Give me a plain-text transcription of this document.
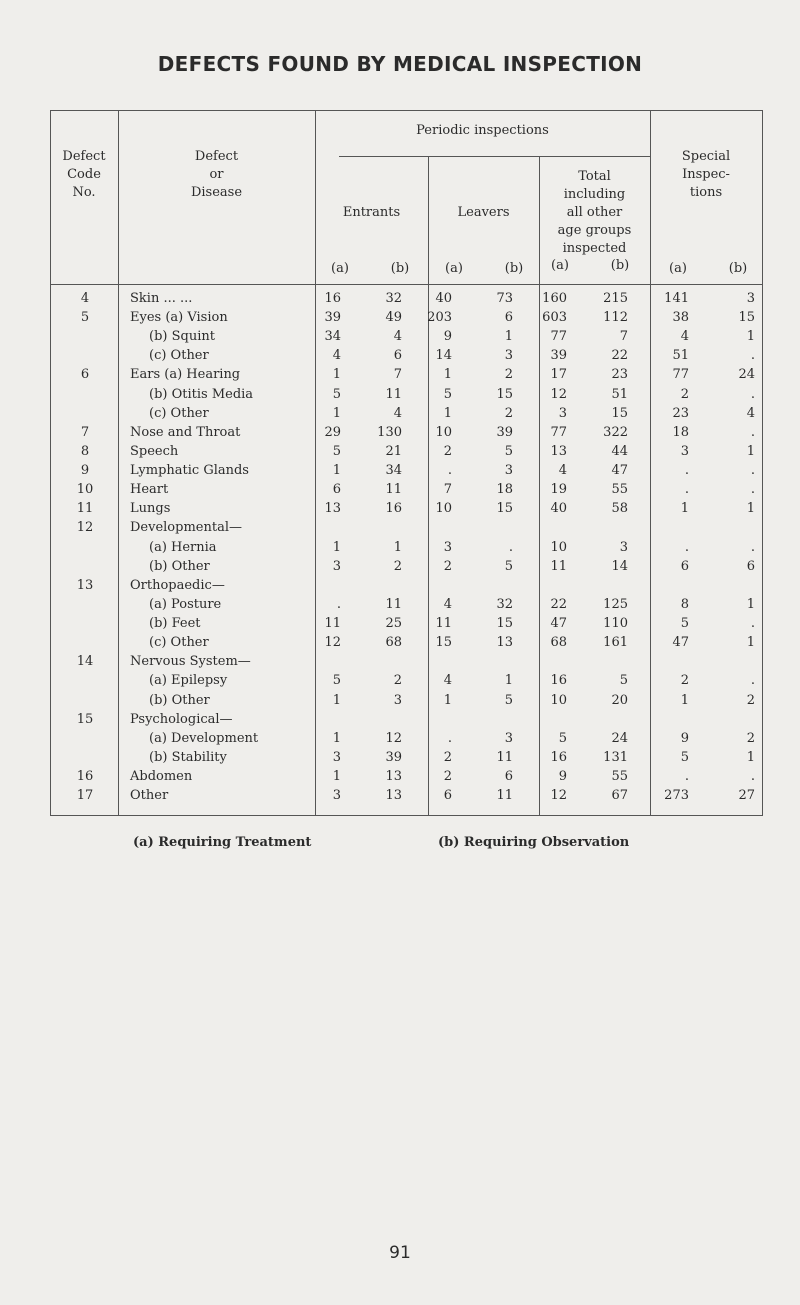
DEFECTS FOUND BY MEDICAL INSPECTION
Defect
Code
No.
Defect
or
Disease
Periodic inspections
Entrants	Leavers
Total
including
all other
age groups
inspected
Special
Inspec-
tions
(a)	(b)	(a)	(b)	(a)	(b)	(a)	(b)
4	Skin ... ...	16	32	40	73	160	215	141	3
5	Eyes (a) Vision	39	49	203	6	603	112	38	15
(b) Squint	34	4	9	1	77	7	4	1
(c) Other	4	6	14	3	39	22	51	.
6	Ears (a) Hearing	1	7	1	2	17	23	77	24
(b) Otitis Media	5	11	5	15	12	51	2	.
(c) Other	1	4	1	2	3	15	23	4
7	Nose and Throat	29	130	10	39	77	322	18	.
8	Speech	5	21	2	5	13	44	3	1
9	Lymphatic Glands	1	34	.	3	4	47	.	.
10	Heart	6	11	7	18	19	55	.	.
11	Lungs	13	16	10	15	40	58	1	1
12	Developmental—
(a) Hernia	1	1	3	.	10	3	.	.
(b) Other	3	2	2	5	11	14	6	6
13	Orthopaedic—
(a) Posture	.	11	4	32	22	125	8	1
(b) Feet	11	25	11	15	47	110	5	.
(c) Other	12	68	15	13	68	161	47	1
14	Nervous System—
(a) Epilepsy	5	2	4	1	16	5	2	.
(b) Other	1	3	1	5	10	20	1	2
15	Psychological—
(a) Development	1	12	.	3	5	24	9	2
(b) Stability	3	39	2	11	16	131	5	1
16	Abdomen	1	13	2	6	9	55	.	.
17	Other	3	13	6	11	12	67	273	27
(a) Requiring Treatment	(b) Requiring Observation
91
